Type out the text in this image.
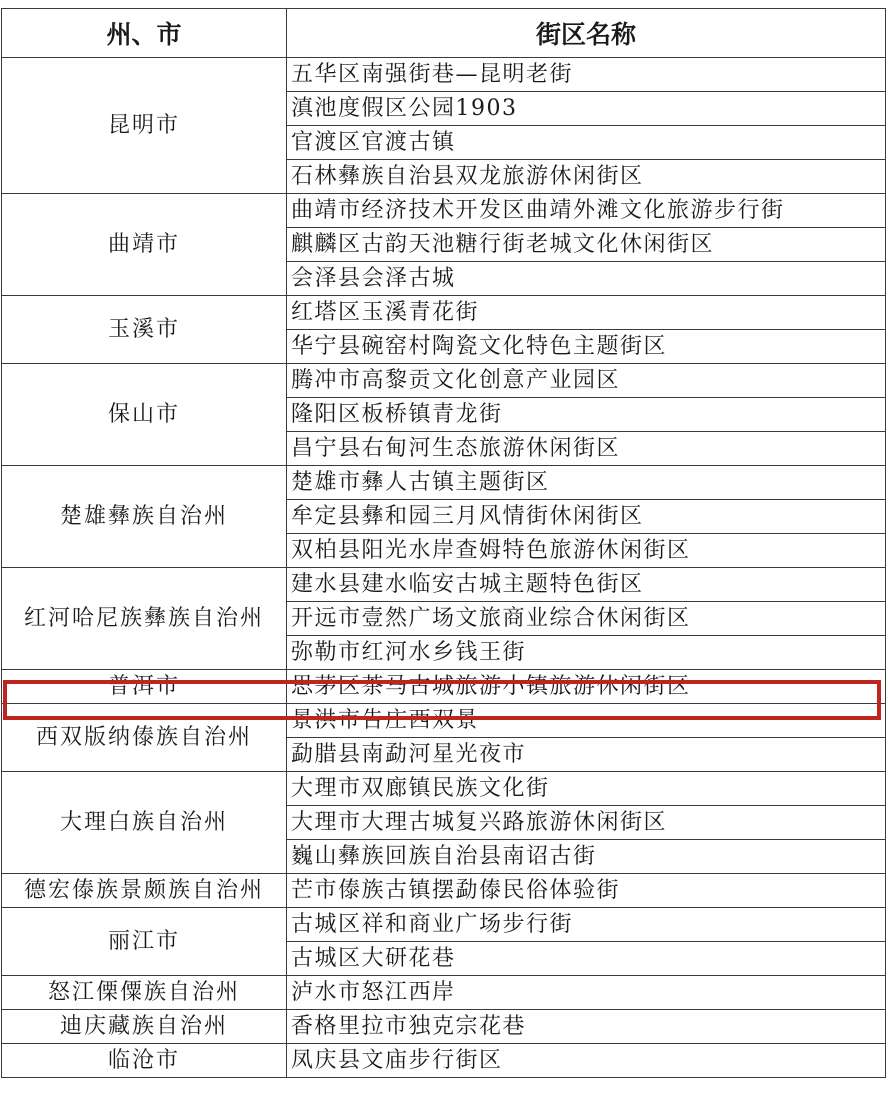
州、市	街区名称
昆明市	五华区南强街巷—昆明老街
	滇池度假区公园1903
	官渡区官渡古镇
	石林彝族自治县双龙旅游休闲街区
曲靖市	曲靖市经济技术开发区曲靖外滩文化旅游步行街
	麒麟区古韵天池糖行街老城文化休闲街区
	会泽县会泽古城
玉溪市	红塔区玉溪青花街
	华宁县碗窑村陶瓷文化特色主题街区
保山市	腾冲市高黎贡文化创意产业园区
	隆阳区板桥镇青龙街
	昌宁县右甸河生态旅游休闲街区
楚雄彝族自治州	楚雄市彝人古镇主题街区
	牟定县彝和园三月风情街休闲街区
	双柏县阳光水岸查姆特色旅游休闲街区
红河哈尼族彝族自治州	建水县建水临安古城主题特色街区
	开远市壹然广场文旅商业综合休闲街区
	弥勒市红河水乡钱王街
普洱市	思茅区茶马古城旅游小镇旅游休闲街区
西双版纳傣族自治州	景洪市告庄西双景
	勐腊县南勐河星光夜市
大理白族自治州	大理市双廊镇民族文化街
	大理市大理古城复兴路旅游休闲街区
	巍山彝族回族自治县南诏古街
德宏傣族景颇族自治州	芒市傣族古镇摆勐傣民俗体验街
丽江市	古城区祥和商业广场步行街
	古城区大研花巷
怒江傈僳族自治州	泸水市怒江西岸
迪庆藏族自治州	香格里拉市独克宗花巷
临沧市	凤庆县文庙步行街区
